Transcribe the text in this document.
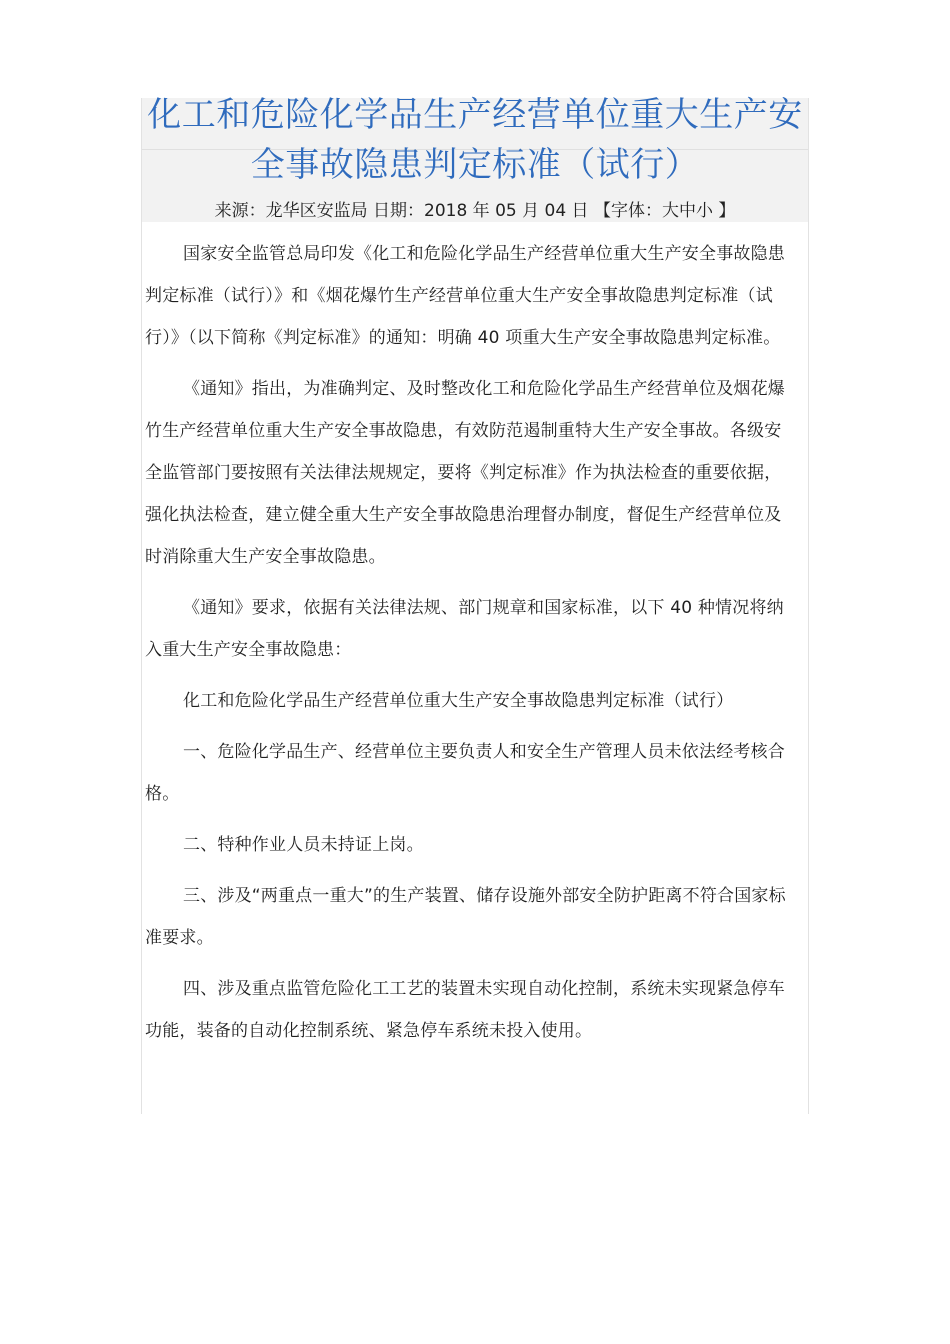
化工和危险化学品生产经营单位重大生产安全事故隐患判定标准（试行）
来源：龙华区安监局 日期：2018 年 05 月 04 日 【字体：大中小 】

国家安全监管总局印发《化工和危险化学品生产经营单位重大生产安全事故隐患判定标准（试行）》和《烟花爆竹生产经营单位重大生产安全事故隐患判定标准（试行）》（以下简称《判定标准》的通知：明确 40 项重大生产安全事故隐患判定标准。

《通知》指出，为准确判定、及时整改化工和危险化学品生产经营单位及烟花爆竹生产经营单位重大生产安全事故隐患，有效防范遏制重特大生产安全事故。各级安全监管部门要按照有关法律法规规定，要将《判定标准》作为执法检查的重要依据，强化执法检查，建立健全重大生产安全事故隐患治理督办制度，督促生产经营单位及时消除重大生产安全事故隐患。

《通知》要求，依据有关法律法规、部门规章和国家标准，以下 40 种情况将纳入重大生产安全事故隐患：

化工和危险化学品生产经营单位重大生产安全事故隐患判定标准（试行）

一、危险化学品生产、经营单位主要负责人和安全生产管理人员未依法经考核合格。

二、特种作业人员未持证上岗。

三、涉及“两重点一重大”的生产装置、储存设施外部安全防护距离不符合国家标准要求。

四、涉及重点监管危险化工工艺的装置未实现自动化控制，系统未实现紧急停车功能，装备的自动化控制系统、紧急停车系统未投入使用。
